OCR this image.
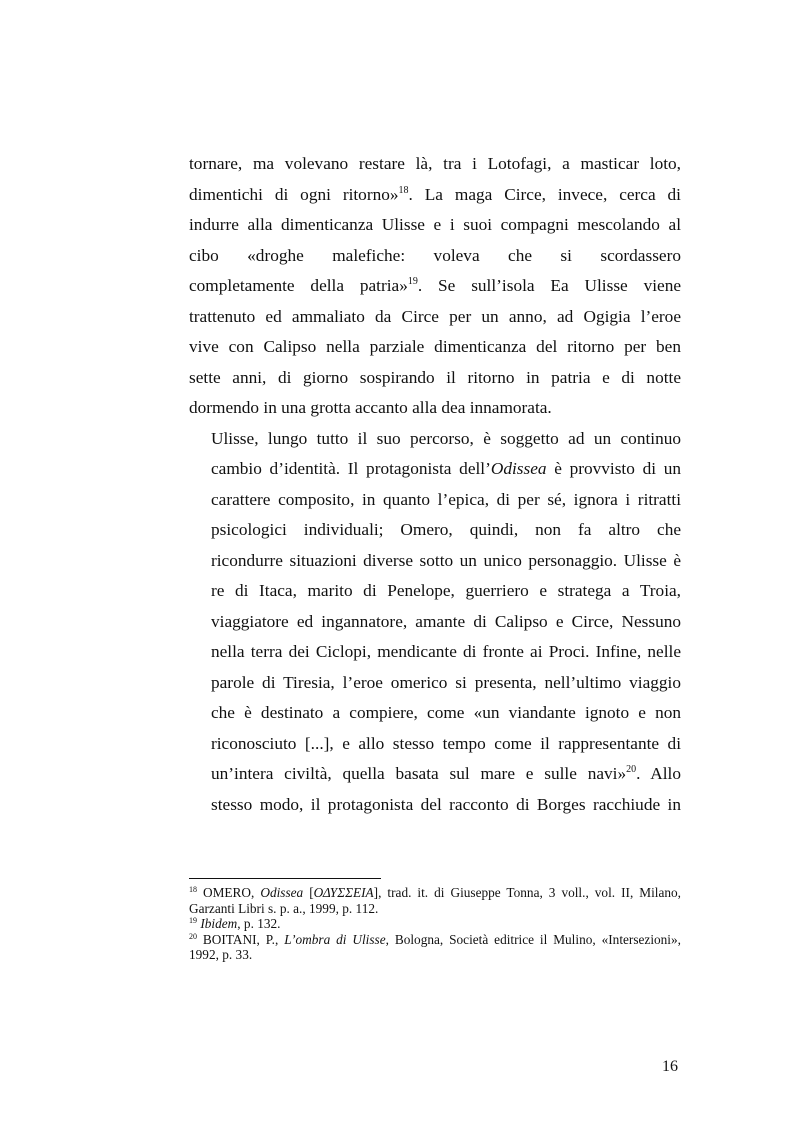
tornare, ma volevano restare là, tra i Lotofagi, a masticar loto,
dimentichi di ogni ritorno»$^{18}$. La maga Circe, invece, cerca di
indurre alla dimenticanza Ulisse e i suoi compagni mescolando al
cibo «droghe malefiche: voleva che si scordassero
completamente della patria»$^{19}$. Se sull’isola Ea Ulisse viene
trattenuto ed ammaliato da Circe per un anno, ad Ogigia l’eroe
vive con Calipso nella parziale dimenticanza del ritorno per ben
sette anni, di giorno sospirando il ritorno in patria e di notte
dormendo in una grotta accanto alla dea innamorata.

Ulisse, lungo tutto il suo percorso, è soggetto ad un continuo
cambio d’identità. Il protagonista dell’Odissea è provvisto di un
carattere composito, in quanto l’epica, di per sé, ignora i ritratti
psicologici individuali; Omero, quindi, non fa altro che
ricondurre situazioni diverse sotto un unico personaggio. Ulisse è
re di Itaca, marito di Penelope, guerriero e stratega a Troia,
viaggiatore ed ingannatore, amante di Calipso e Circe, Nessuno
nella terra dei Ciclopi, mendicante di fronte ai Proci. Infine, nelle
parole di Tiresia, l’eroe omerico si presenta, nell’ultimo viaggio
che è destinato a compiere, come «un viandante ignoto e non
riconosciuto [...], e allo stesso tempo come il rappresentante di
un’intera civiltà, quella basata sul mare e sulle navi»$^{20}$. Allo
stesso modo, il protagonista del racconto di Borges racchiude in

$^{18}$ OMERO, Odissea [ΟΔΥΣΣΕΙΑ], trad. it. di Giuseppe Tonna, 3 voll., vol. II, Milano, Garzanti Libri s. p. a., 1999, p. 112.
$^{19}$ Ibidem, p. 132.
$^{20}$ BOITANI, P., L’ombra di Ulisse, Bologna, Società editrice il Mulino, «Intersezioni», 1992, p. 33.
16
